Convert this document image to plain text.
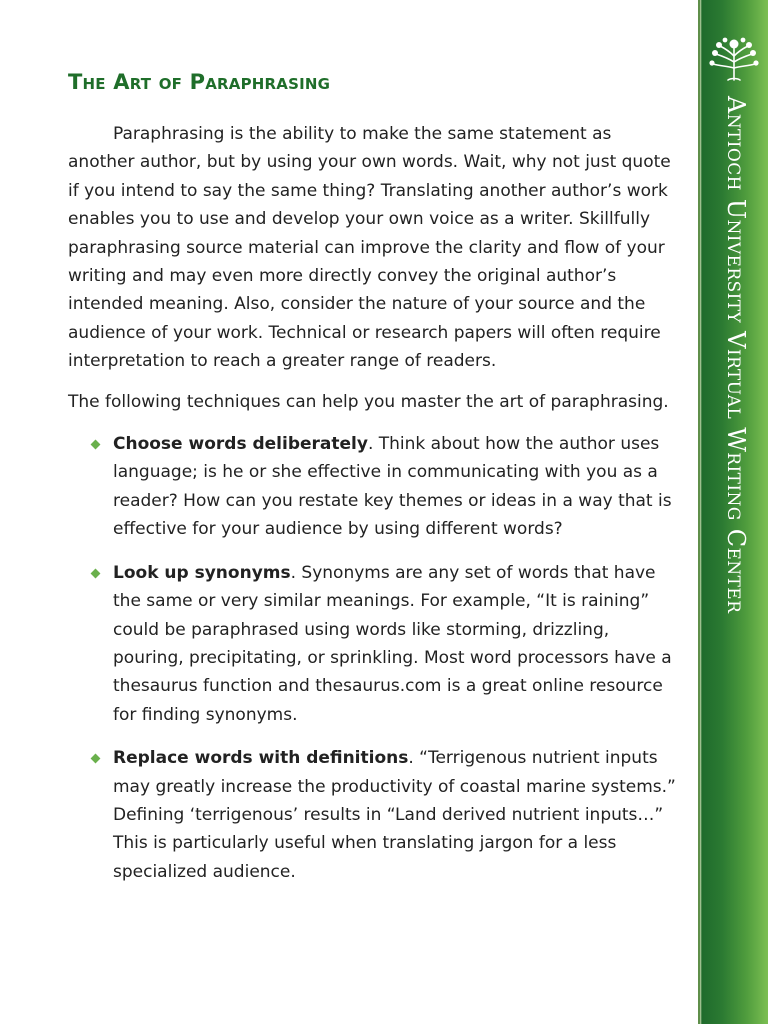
The Art of Paraphrasing

Paraphrasing is the ability to make the same statement as another author, but by using your own words. Wait, why not just quote if you intend to say the same thing? Translating another author’s work enables you to use and develop your own voice as a writer. Skillfully paraphrasing source material can improve the clarity and flow of your writing and may even more directly convey the original author’s intended meaning. Also, consider the nature of your source and the audience of your work. Technical or research papers will often require interpretation to reach a greater range of readers.

The following techniques can help you master the art of paraphrasing.

Choose words deliberately. Think about how the author uses language; is he or she effective in communicating with you as a reader? How can you restate key themes or ideas in a way that is effective for your audience by using different words?
Look up synonyms. Synonyms are any set of words that have the same or very similar meanings. For example, “It is raining” could be paraphrased using words like storming, drizzling, pouring, precipitating, or sprinkling. Most word processors have a thesaurus function and thesaurus.com is a great online resource for finding synonyms.
Replace words with definitions. “Terrigenous nutrient inputs may greatly increase the productivity of coastal marine systems.” Defining ‘terrigenous’ results in “Land derived nutrient inputs…” This is particularly useful when translating jargon for a less specialized audience.
Antioch University Virtual Writing Center
